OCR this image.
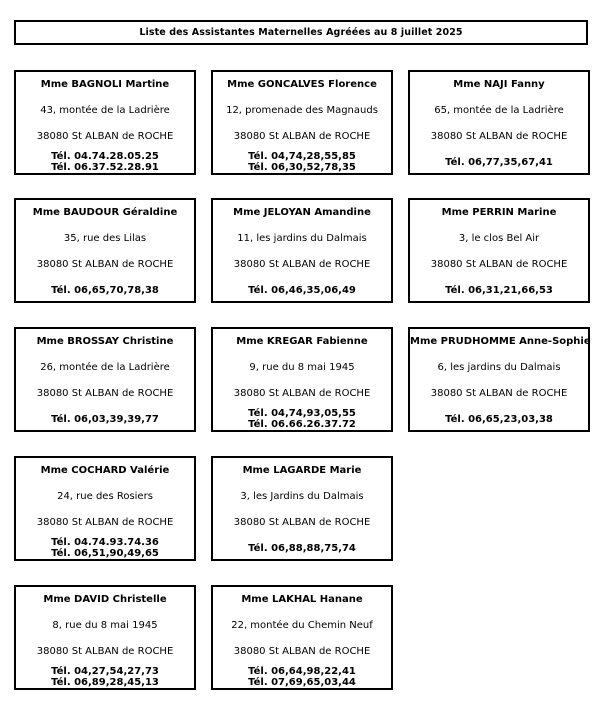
Liste des Assistantes Maternelles Agréées au 8 juillet 2025
Mme BAGNOLI Martine
43, montée de la Ladrière
38080 St ALBAN de ROCHE
Tél. 04.74.28.05.25
Tél. 06.37.52.28.91
Mme GONCALVES Florence
12, promenade des Magnauds
38080 St ALBAN de ROCHE
Tél. 04,74,28,55,85
Tél. 06,30,52,78,35
Mme NAJI Fanny
65, montée de la Ladrière
38080 St ALBAN de ROCHE
Tél. 06,77,35,67,41
Mme BAUDOUR Géraldine
35, rue des Lilas
38080 St ALBAN de ROCHE
Tél. 06,65,70,78,38
Mme JELOYAN Amandine
11, les jardins du Dalmais
38080 St ALBAN de ROCHE
Tél. 06,46,35,06,49
Mme PERRIN Marine
3, le clos Bel Air
38080 St ALBAN de ROCHE
Tél. 06,31,21,66,53
Mme BROSSAY Christine
26, montée de la Ladrière
38080 St ALBAN de ROCHE
Tél. 06,03,39,39,77
Mme KREGAR Fabienne
9, rue du 8 mai 1945
38080 St ALBAN de ROCHE
Tél. 04,74,93,05,55
Tél. 06.66.26.37.72
Mme PRUDHOMME Anne-Sophie
6, les jardins du Dalmais
38080 St ALBAN de ROCHE
Tél. 06,65,23,03,38
Mme COCHARD Valérie
24, rue des Rosiers
38080 St ALBAN de ROCHE
Tél. 04.74.93.74.36
Tél. 06,51,90,49,65
Mme LAGARDE Marie
3, les Jardins du Dalmais
38080 St ALBAN de ROCHE
Tél. 06,88,88,75,74
Mme DAVID Christelle
8, rue du 8 mai 1945
38080 St ALBAN de ROCHE
Tél. 04,27,54,27,73
Tél. 06,89,28,45,13
Mme LAKHAL Hanane
22, montée du Chemin Neuf
38080 St ALBAN de ROCHE
Tél. 06,64,98,22,41
Tél. 07,69,65,03,44
